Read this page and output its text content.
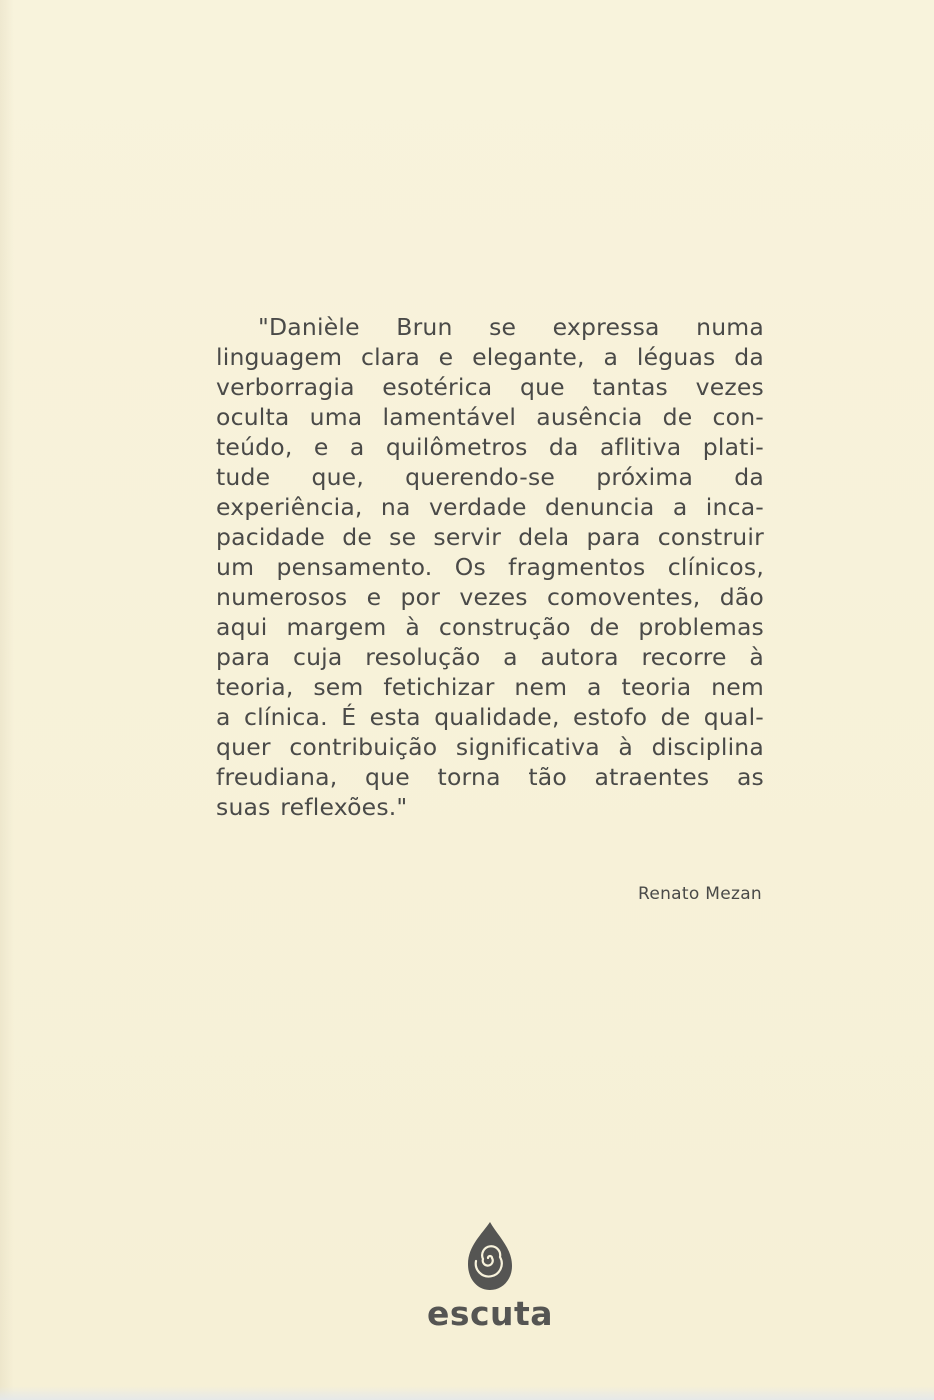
"Danièle Brun se expressa numa
linguagem clara e elegante, a léguas da
verborragia esotérica que tantas vezes
oculta uma lamentável ausência de con-
teúdo, e a quilômetros da aflitiva plati-
tude que, querendo-se próxima da
experiência, na verdade denuncia a inca-
pacidade de se servir dela para construir
um pensamento. Os fragmentos clínicos,
numerosos e por vezes comoventes, dão
aqui margem à construção de problemas
para cuja resolução a autora recorre à
teoria, sem fetichizar nem a teoria nem
a clínica. É esta qualidade, estofo de qual-
quer contribuição significativa à disciplina
freudiana, que torna tão atraentes as
suas reflexões."
Renato Mezan
escuta
